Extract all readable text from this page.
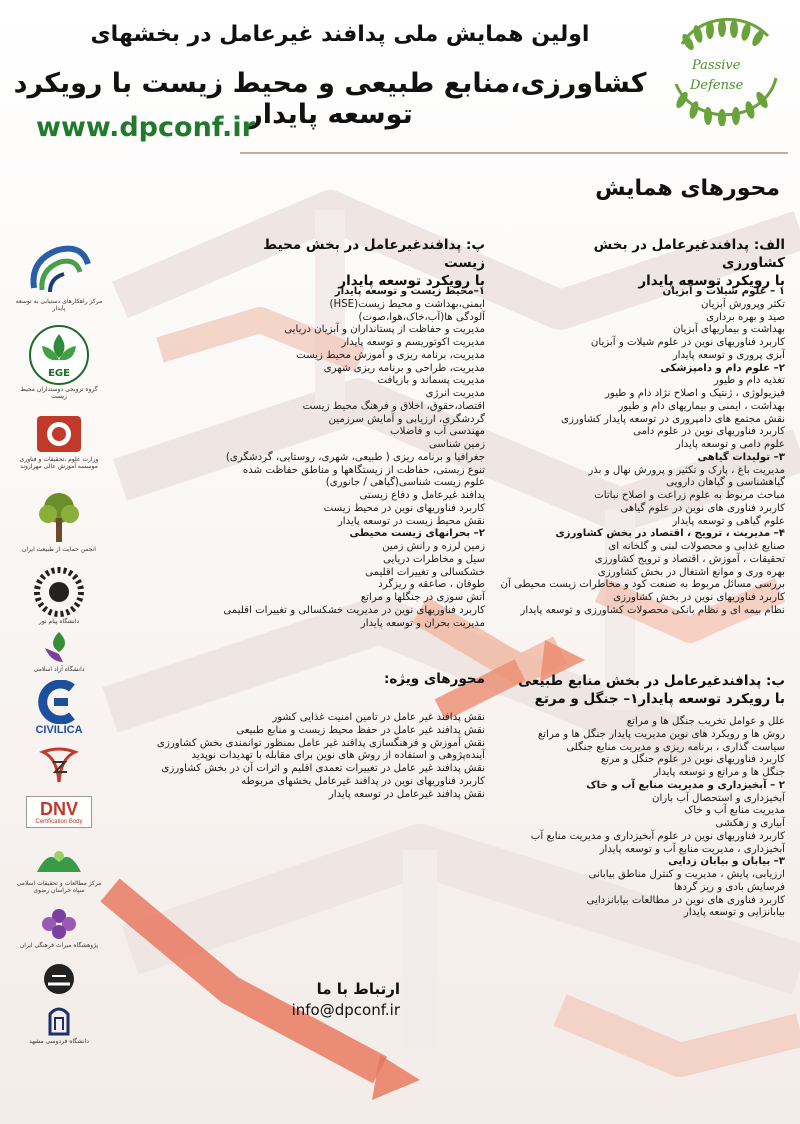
اولین همایش ملی پدافند غیرعامل در بخشهای
کشاورزی،منابع طبیعی و محیط زیست با رویکرد توسعه پایدار
www.dpconf.ir
Passive
Defense
محورهای همایش
مرکز راهکارهای دستیابی به توسعه پایدار
EGE
گروه ترویجی دوستداران محیط زیست
وزارت علوم ،تحقیقات و فناوری موسسه آموزش عالی مهراروند
انجمن حمایت از طبیعت ایران
دانشگاه پیام نور
دانشگاه آزاد اسلامی
CIVILICA
DNV
Certification Body
مرکز مطالعات و تحقیقات اسلامی سپاه خراسان رضوی
پژوهشگاه میراث فرهنگی ایران
دانشگاه فردوسی مشهد
الف: پدافندغیرعامل در بخش کشاورزی
با رویکرد توسعه پایدار
۱ – علوم شیلات و آبزیان
تکثر وپرورش آبزیان
صید و بهره برداری
بهداشت و بیماریهای آبزیان
کاربرد فناوریهای نوین در علوم شیلات و آبزیان
آبزی پروری و توسعه پایدار
۲– علوم دام و دامپزشکی
تغذیه دام و طیور
فیزیولوژی ، ژنتیک و اصلاح نژاد دام و طیور
بهداشت ، ایمنی و بیماریهای دام و طیور
نقش مجتمع های دامپروری در توسعه پایدار کشاورزی
کاربرد فناوریهای نوین در علوم دامی
علوم دامی و توسعه پایدار
۳– تولیدات گیاهی
مدیریت باغ ، پارک و تکثیر و پرورش نهال و بذر
گیاهشناسی و گیاهان دارویی
مباحث مربوط به علوم زراعت و اصلاح نباتات
کاربرد فناوری های نوین در علوم گیاهی
علوم گیاهی و توسعه پایدار
۴– مدیریت ، ترویج ، اقتصاد در بخش کشاورزی
صنایع غذایی و محصولات لبنی و گلخانه ای
تحقیقات ، آموزش ، اقتصاد و ترویج کشاورزی
بهره وری و موانع اشتغال در بخش کشاورزی
بررسی مسائل مربوط به صنعت کود و مخاطرات زیست محیطی آن
کاربرد فناوریهای نوین در بخش کشاورزی
نظام بیمه ای و نظام بانکی محصولات کشاورزی و توسعه پایدار
پ: پدافندغیرعامل در بخش محیط زیست
با رویکرد توسعه پایدار
۱–محیط زیست و توسعه پایدار
ایمنی،بهداشت و محیط زیست(HSE)
آلودگی ها(آب،خاک،هوا،صوت)
مدیریت و حفاظت از پستانداران و آبزیان دریایی
مدیریت اکوتوریسم و توسعه پایدار
مدیریت، برنامه ریزی و آموزش محیط زیست
مدیریت، طراحی و برنامه ریزی شهری
مدیریت پسماند و بازیافت
مدیریت انرژی
اقتصاد،حقوق، اخلاق و فرهنگ محیط زیست
گردشگری، ارزیابی و آمایش سرزمین
مهندسی آب و فاضلاب
زمین شناسی
جغرافیا و برنامه ریزی ( طبیعی، شهری، روستایی، گردشگری)
تنوع زیستی، حفاظت از زیستگاهها و مناطق حفاظت شده
علوم زیست شناسی(گیاهی / جانوری)
پدافند غیرعامل و دفاع زیستی
کاربرد فناوریهای نوین در محیط زیست
نقش محیط زیست در توسعه پایدار
۲– بحرانهای زیست محیطی
زمین لرزه و رانش زمین
سیل و مخاطرات دریایی
خشکسالی و تغییرات اقلیمی
طوفان ، صاعقه و ریزگرد
آتش سوزی در جنگلها و مراتع
کاربرد فناوریهای نوین در مدیریت خشکسالی و تغییرات اقلیمی
مدیریت بحران و توسعه پایدار
محورهای ویژه:
نقش پدافند غیر عامل در تامین امنیت غذایی کشور
نقش پدافند غیر عامل در حفظ محیط زیست و منابع طبیعی
نقش آموزش و فرهنگسازی پدافند غیر عامل بمنظور توانمندی بخش کشاورزی
آینده‌پژوهی و استفاده از روش های نوین برای مقابله با تهدیدات نوپدید
نقش پدافند غیر عامل در تغییرات تعمدی اقلیم و اثرات آن در بخش کشاورزی
کاربرد فناوریهای نوین در پدافند غیرعامل بخشهای مربوطه
نقش پدافند غیرعامل در توسعه پایدار
ب: پدافندغیرعامل در بخش منابع طبیعی
با رویکرد توسعه پایدار۱– جنگل و مرتع
علل و عوامل تخریب جنگل ها و مراتع
روش ها و رویکرد های نوین مدیریت پایدار جنگل ها و مراتع
سیاست گذاری ، برنامه ریزی و مدیریت منابع جنگلی
کاربرد فناوریهای نوین در علوم جنگل و مرتع
جنگل ها و مراتع و توسعه پایدار
۲ – آبخیزداری و مدیریت منابع آب و خاک
آبخیزداری و استحصال آب باران
مدیریت منابع آب و خاک
آبیاری و زهکشی
کاربرد فناوریهای نوین در علوم آبخیزداری و مدیریت منابع آب
آبخیزداری ، مدیریت منابع آب و توسعه پایدار
۳– بیابان و بیابان زدایی
ارزیابی، پایش ، مدیریت و کنترل مناطق بیابانی
فرسایش بادی و ریز گردها
کاربرد فناوری های نوین در مطالعات بیابانزدایی
بیابانزایی و توسعه پایدار
ارتباط با ما
info@dpconf.ir
